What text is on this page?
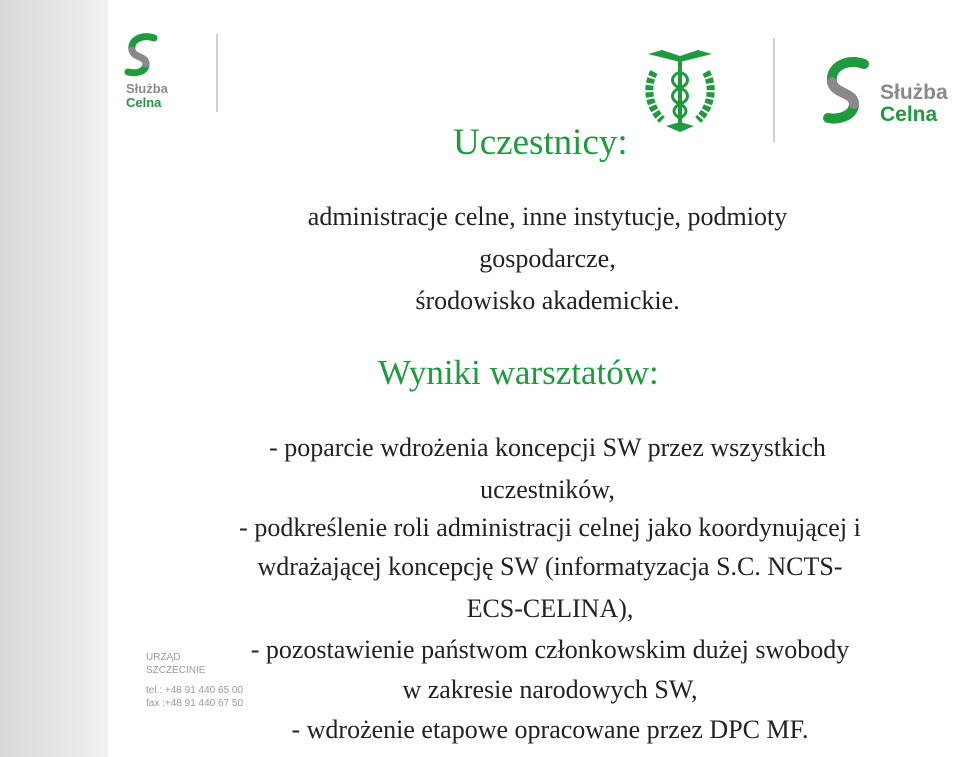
Służba
Celna	Służba
Celna
Uczestnicy:

administracje celne, inne instytucje, podmioty

gospodarcze,

środowisko akademickie.

Wyniki warsztatów:

- poparcie wdrożenia koncepcji SW przez wszystkich

uczestników,

- podkreślenie roli administracji celnej jako koordynującej i

wdrażającej koncepcję SW (informatyzacja S.C. NCTS-

ECS-CELINA),

- pozostawienie państwom członkowskim dużej swobody

w zakresie narodowych SW,

- wdrożenie etapowe opracowane przez DPC MF.

URZĄD
SZCZECINIE
tel.: +48 91 440 65 00
fax :+48 91 440 67 50
